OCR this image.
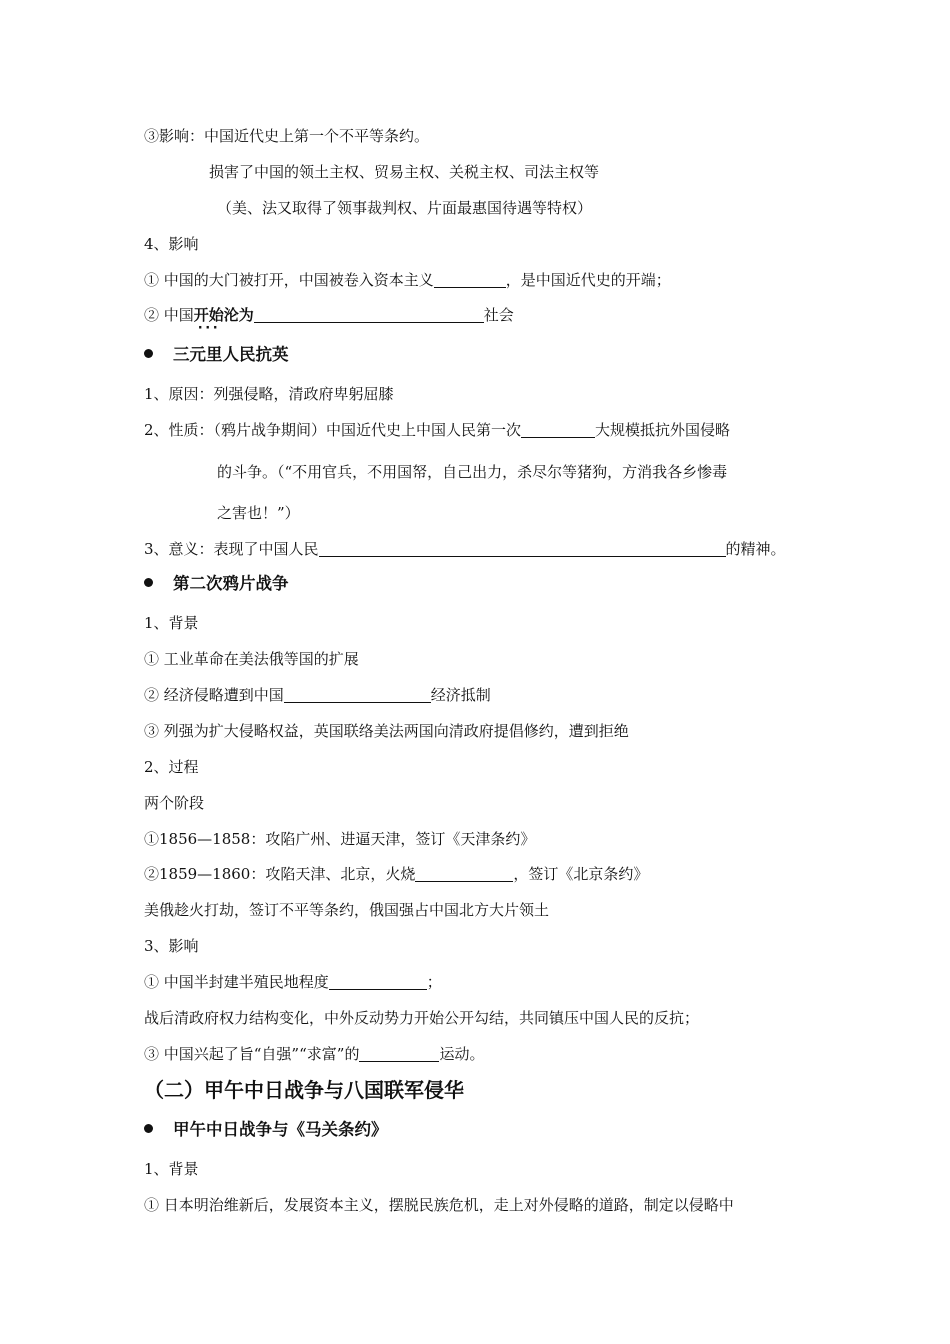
③影响：中国近代史上第一个不平等条约。
损害了中国的领土主权、贸易主权、关税主权、司法主权等
（美、法又取得了领事裁判权、片面最惠国待遇等特权）
4、影响
① 中国的大门被打开，中国被卷入资本主义	，是中国近代史的开端；
② 中国开始沦为 · · ·	社会
三元里人民抗英
1、原因：列强侵略，清政府卑躬屈膝
2、性质：（鸦片战争期间）中国近代史上中国人民第一次	大规模抵抗外国侵略
的斗争。（“不用官兵，不用国帑，自己出力，杀尽尔等猪狗，方消我各乡惨毒
之害也！”）
3、意义：表现了中国人民	的精神。
第二次鸦片战争
1、背景
① 工业革命在美法俄等国的扩展
② 经济侵略遭到中国	经济抵制
③ 列强为扩大侵略权益，英国联络美法两国向清政府提倡修约，遭到拒绝
2、过程
两个阶段
①1856—1858：攻陷广州、进逼天津，签订《天津条约》
②1859—1860：攻陷天津、北京，火烧	，签订《北京条约》
美俄趁火打劫，签订不平等条约，俄国强占中国北方大片领土
3、影响
① 中国半封建半殖民地程度	；
战后清政府权力结构变化，中外反动势力开始公开勾结，共同镇压中国人民的反抗；
③ 中国兴起了旨“自强”“求富”的	运动。
（二）甲午中日战争与八国联军侵华
甲午中日战争与《马关条约》
1、背景
① 日本明治维新后，发展资本主义，摆脱民族危机，走上对外侵略的道路，制定以侵略中
